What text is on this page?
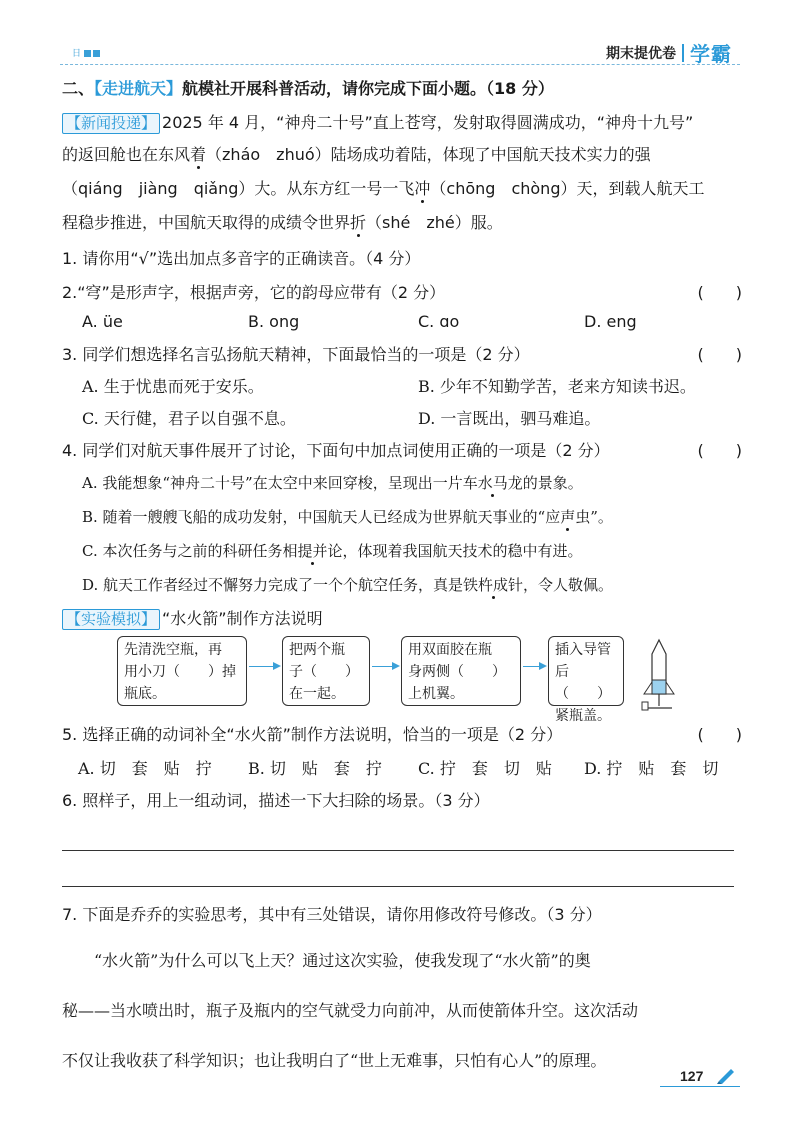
日	期末提优卷 学霸
二、【走进航天】航模社开展科普活动，请你完成下面小题。（18 分）
【新闻投递】 2025 年 4 月，“神舟二十号”直上苍穹，发射取得圆满成功，“神舟十九号”
的返回舱也在东风着（zháo　zhuó）陆场成功着陆，体现了中国航天技术实力的强
（qiáng　jiàng　qiǎng）大。从东方红一号一飞冲（chōng　chòng）天，到载人航天工
程稳步推进，中国航天取得的成绩令世界折（shé　zhé）服。
1. 请你用“√”选出加点多音字的正确读音。（4 分）
2.“穹”是形声字，根据声旁，它的韵母应带有（2 分）	(　　)
A. üe	B. ong	C. ɑo	D. eng
3. 同学们想选择名言弘扬航天精神，下面最恰当的一项是（2 分）	(　　)
A. 生于忧患而死于安乐。	B. 少年不知勤学苦，老来方知读书迟。
C. 天行健，君子以自强不息。	D. 一言既出，驷马难追。
4. 同学们对航天事件展开了讨论，下面句中加点词使用正确的一项是（2 分）	(　　)
A. 我能想象“神舟二十号”在太空中来回穿梭，呈现出一片车水马龙的景象。
B. 随着一艘艘飞船的成功发射，中国航天人已经成为世界航天事业的“应声虫”。
C. 本次任务与之前的科研任务相提并论，体现着我国航天技术的稳中有进。
D. 航天工作者经过不懈努力完成了一个个航空任务，真是铁杵成针，令人敬佩。
【实验模拟】 “水火箭”制作方法说明
先清洗空瓶，再
用小刀（　　）掉
瓶底。
把两个瓶
子（　　）
在一起。
用双面胶在瓶
身两侧（　　）
上机翼。
插入导管
后（　　）
紧瓶盖。
5. 选择正确的动词补全“水火箭”制作方法说明，恰当的一项是（2 分）	(　　)
A. 切　套　贴　拧 B. 切　贴　套　拧 C. 拧　套　切　贴 D. 拧　贴　套　切
6. 照样子，用上一组动词，描述一下大扫除的场景。（3 分）
7. 下面是乔乔的实验思考，其中有三处错误，请你用修改符号修改。（3 分）
　　“水火箭”为什么可以飞上天？通过这次实验，使我发现了“水火箭”的奥
秘——当水喷出时，瓶子及瓶内的空气就受力向前冲，从而使箭体升空。这次活动
不仅让我收获了科学知识；也让我明白了“世上无难事，只怕有心人”的原理。
127
